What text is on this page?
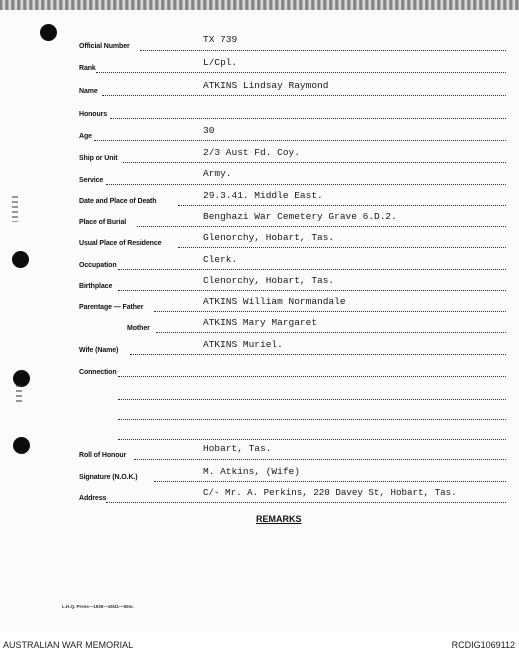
Official Number
TX 739
Rank
L/Cpl.
Name
ATKINS Lindsay Raymond
Honours
Age
30
Ship or Unit
2/3 Aust Fd. Coy.
Service
Army.
Date and Place of Death
29.3.41. Middle East.
Place of Burial
Benghazi War Cemetery Grave 6.D.2.
Usual Place of Residence
Glenorchy, Hobart, Tas.
Occupation
Clerk.
Birthplace
Clenorchy, Hobart, Tas.
Parentage — Father
ATKINS William Normandale
Mother
ATKINS Mary Margaret
Wife (Name)
ATKINS Muriel.
Connection
Roll of Honour
Hobart, Tas.
Signature (N.O.K.)
M. Atkins, (Wife)
Address
C/- Mr. A. Perkins, 220 Davey St, Hobart, Tas.
REMARKS
L.H.Q. Press—1935—16/41—50m.
AUSTRALIAN WAR MEMORIAL	RCDIG1069112
